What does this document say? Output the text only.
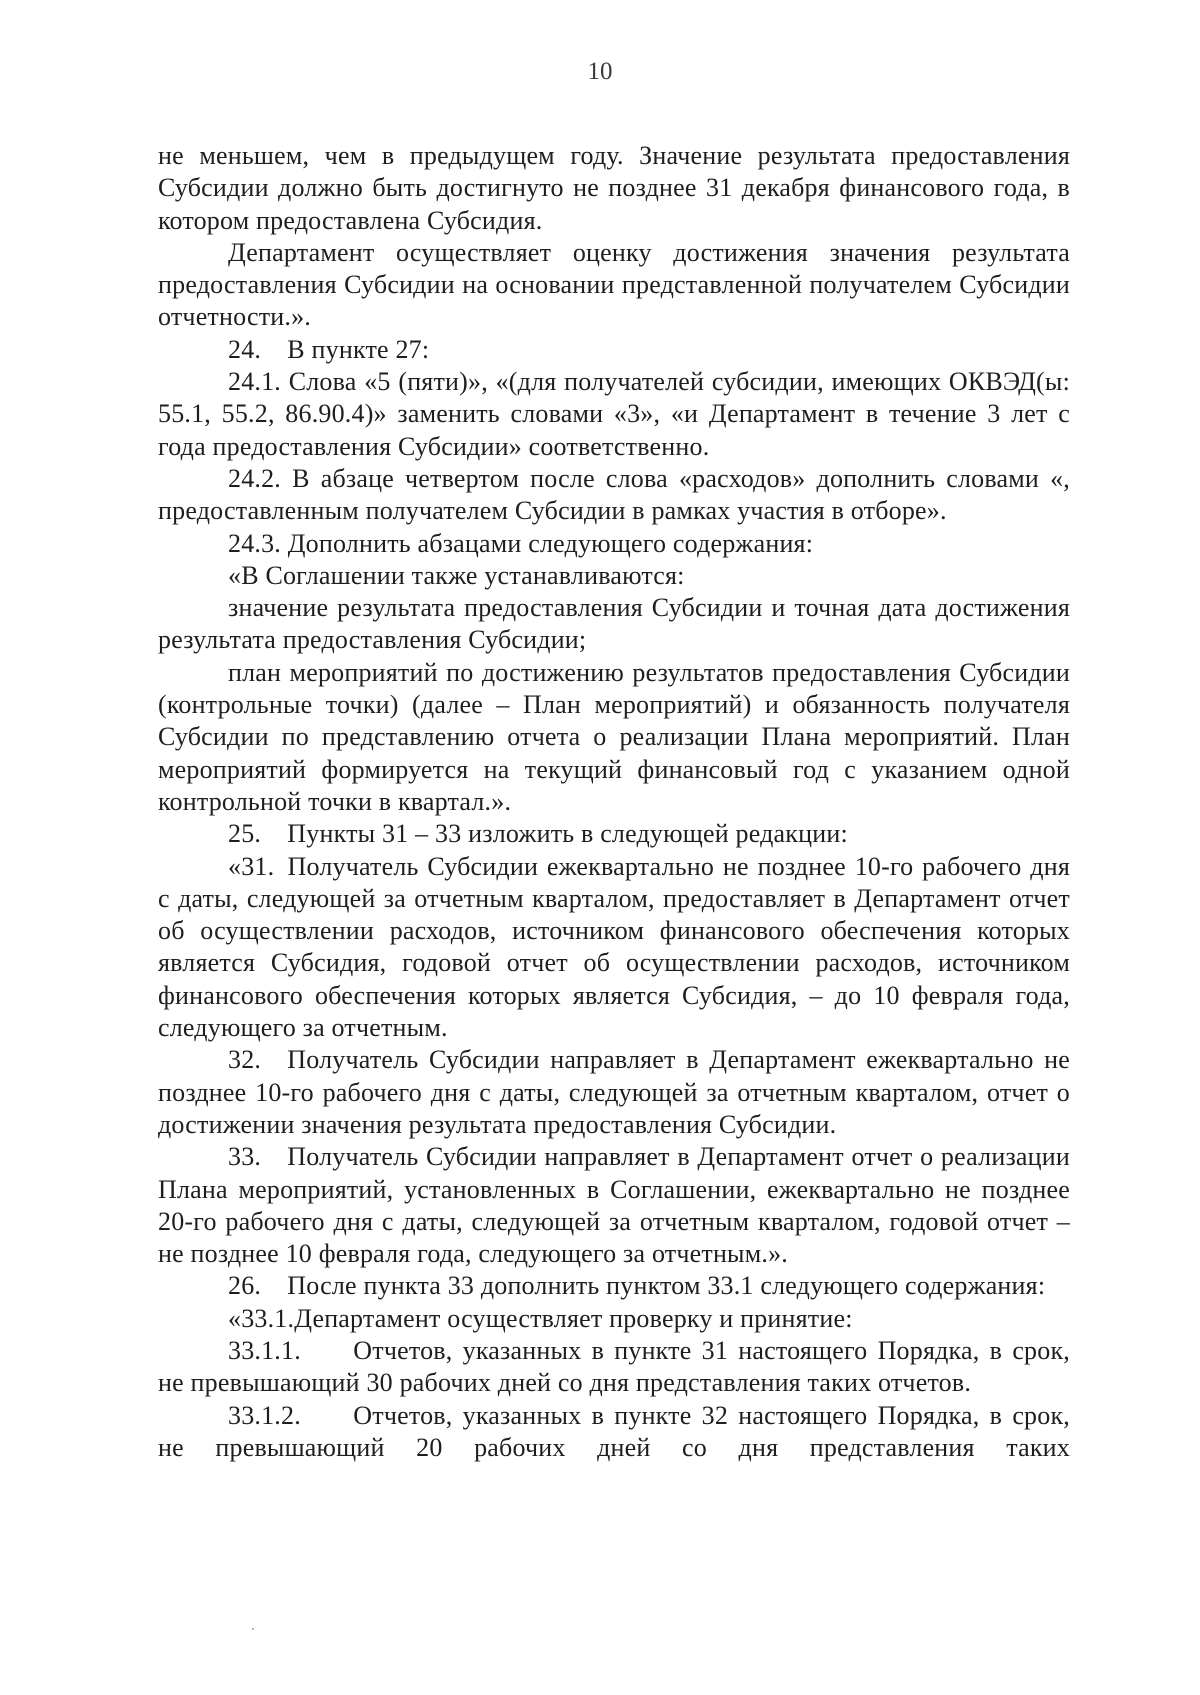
10

не меньшем, чем в предыдущем году. Значение результата предоставления Субсидии должно быть достигнуто не позднее 31 декабря финансового года, в котором предоставлена Субсидия.

Департамент осуществляет оценку достижения значения результата предоставления Субсидии на основании представленной получателем Субсидии отчетности.».

24. В пункте 27:

24.1. Слова «5 (пяти)», «(для получателей субсидии, имеющих ОКВЭД(ы: 55.1, 55.2, 86.90.4)» заменить словами «3», «и Департамент в течение 3 лет с года предоставления Субсидии» соответственно.

24.2. В абзаце четвертом после слова «расходов» дополнить словами «, предоставленным получателем Субсидии в рамках участия в отборе».

24.3. Дополнить абзацами следующего содержания:

«В Соглашении также устанавливаются:

значение результата предоставления Субсидии и точная дата достижения результата предоставления Субсидии;

план мероприятий по достижению результатов предоставления Субсидии (контрольные точки) (далее – План мероприятий) и обязанность получателя Субсидии по представлению отчета о реализации Плана мероприятий. План мероприятий формируется на текущий финансовый год с указанием одной контрольной точки в квартал.».

25. Пункты 31 – 33 изложить в следующей редакции:

«31. Получатель Субсидии ежеквартально не позднее 10-го рабочего дня с даты, следующей за отчетным кварталом, предоставляет в Департамент отчет об осуществлении расходов, источником финансового обеспечения которых является Субсидия, годовой отчет об осуществлении расходов, источником финансового обеспечения которых является Субсидия, – до 10 февраля года, следующего за отчетным.

32. Получатель Субсидии направляет в Департамент ежеквартально не позднее 10-го рабочего дня с даты, следующей за отчетным кварталом, отчет о достижении значения результата предоставления Субсидии.

33. Получатель Субсидии направляет в Департамент отчет о реализации Плана мероприятий, установленных в Соглашении, ежеквартально не позднее 20-го рабочего дня с даты, следующей за отчетным кварталом, годовой отчет – не позднее 10 февраля года, следующего за отчетным.».

26. После пункта 33 дополнить пунктом 33.1 следующего содержания:

«33.1.Департамент осуществляет проверку и принятие:

33.1.1.  Отчетов, указанных в пункте 31 настоящего Порядка, в срок, не превышающий 30 рабочих дней со дня представления таких отчетов.

33.1.2.  Отчетов, указанных в пункте 32 настоящего Порядка, в срок, не превышающий 20 рабочих дней со дня представления таких
